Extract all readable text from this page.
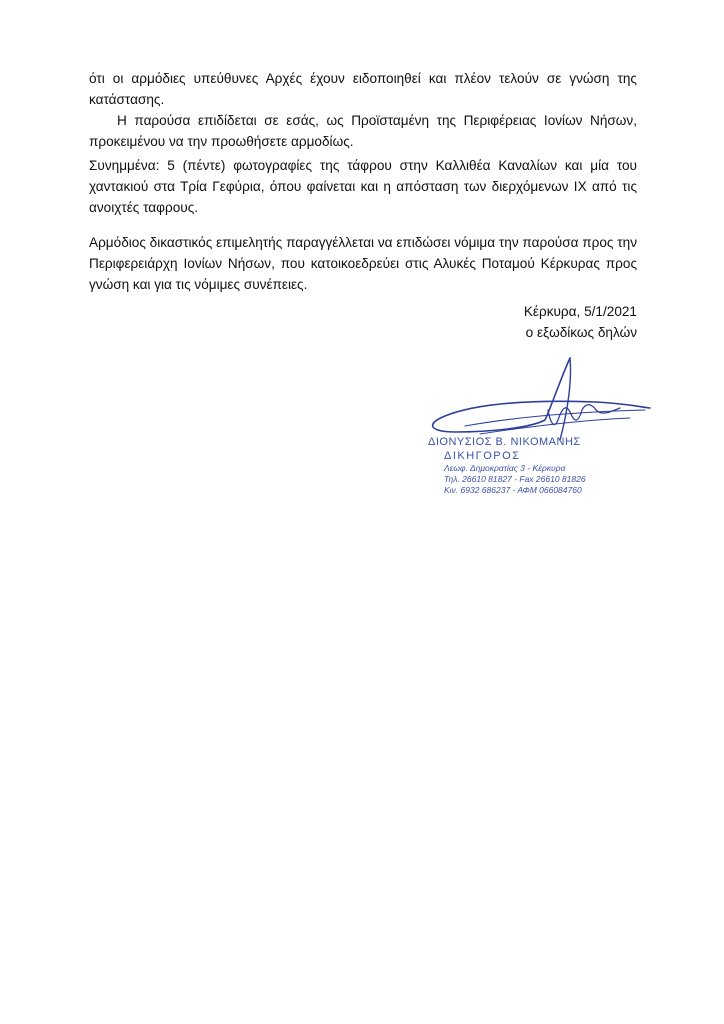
ότι οι αρμόδιες υπεύθυνες Αρχές έχουν ειδοποιηθεί και πλέον τελούν σε γνώση της κατάστασης.

Η παρούσα επιδίδεται σε εσάς, ως Προϊσταμένη της Περιφέρειας Ιονίων Νήσων, προκειμένου να την προωθήσετε αρμοδίως.

Συνημμένα: 5 (πέντε) φωτογραφίες της τάφρου στην Καλλιθέα Καναλίων και μία του χαντακιού στα Τρία Γεφύρια, όπου φαίνεται και η απόσταση των διερχόμενων ΙΧ από τις ανοιχτές ταφρους.

Αρμόδιος δικαστικός επιμελητής παραγγέλλεται να επιδώσει νόμιμα την παρούσα προς την Περιφερειάρχη Ιονίων Νήσων, που κατοικοεδρεύει στις Αλυκές Ποταμού Κέρκυρας προς γνώση και για τις νόμιμες συνέπειες.

Κέρκυρα, 5/1/2021
ο εξωδίκως δηλών
ΔΙΟΝΥΣΙΟΣ Β. ΝΙΚΟΜΑΝΗΣ
ΔΙΚΗΓΟΡΟΣ
Λεωφ. Δημοκρατίας 3 - Κέρκυρα
Τηλ. 26610 81827 - Fax 26610 81826
Κιν. 6932 686237 - ΑΦΜ 066084760
